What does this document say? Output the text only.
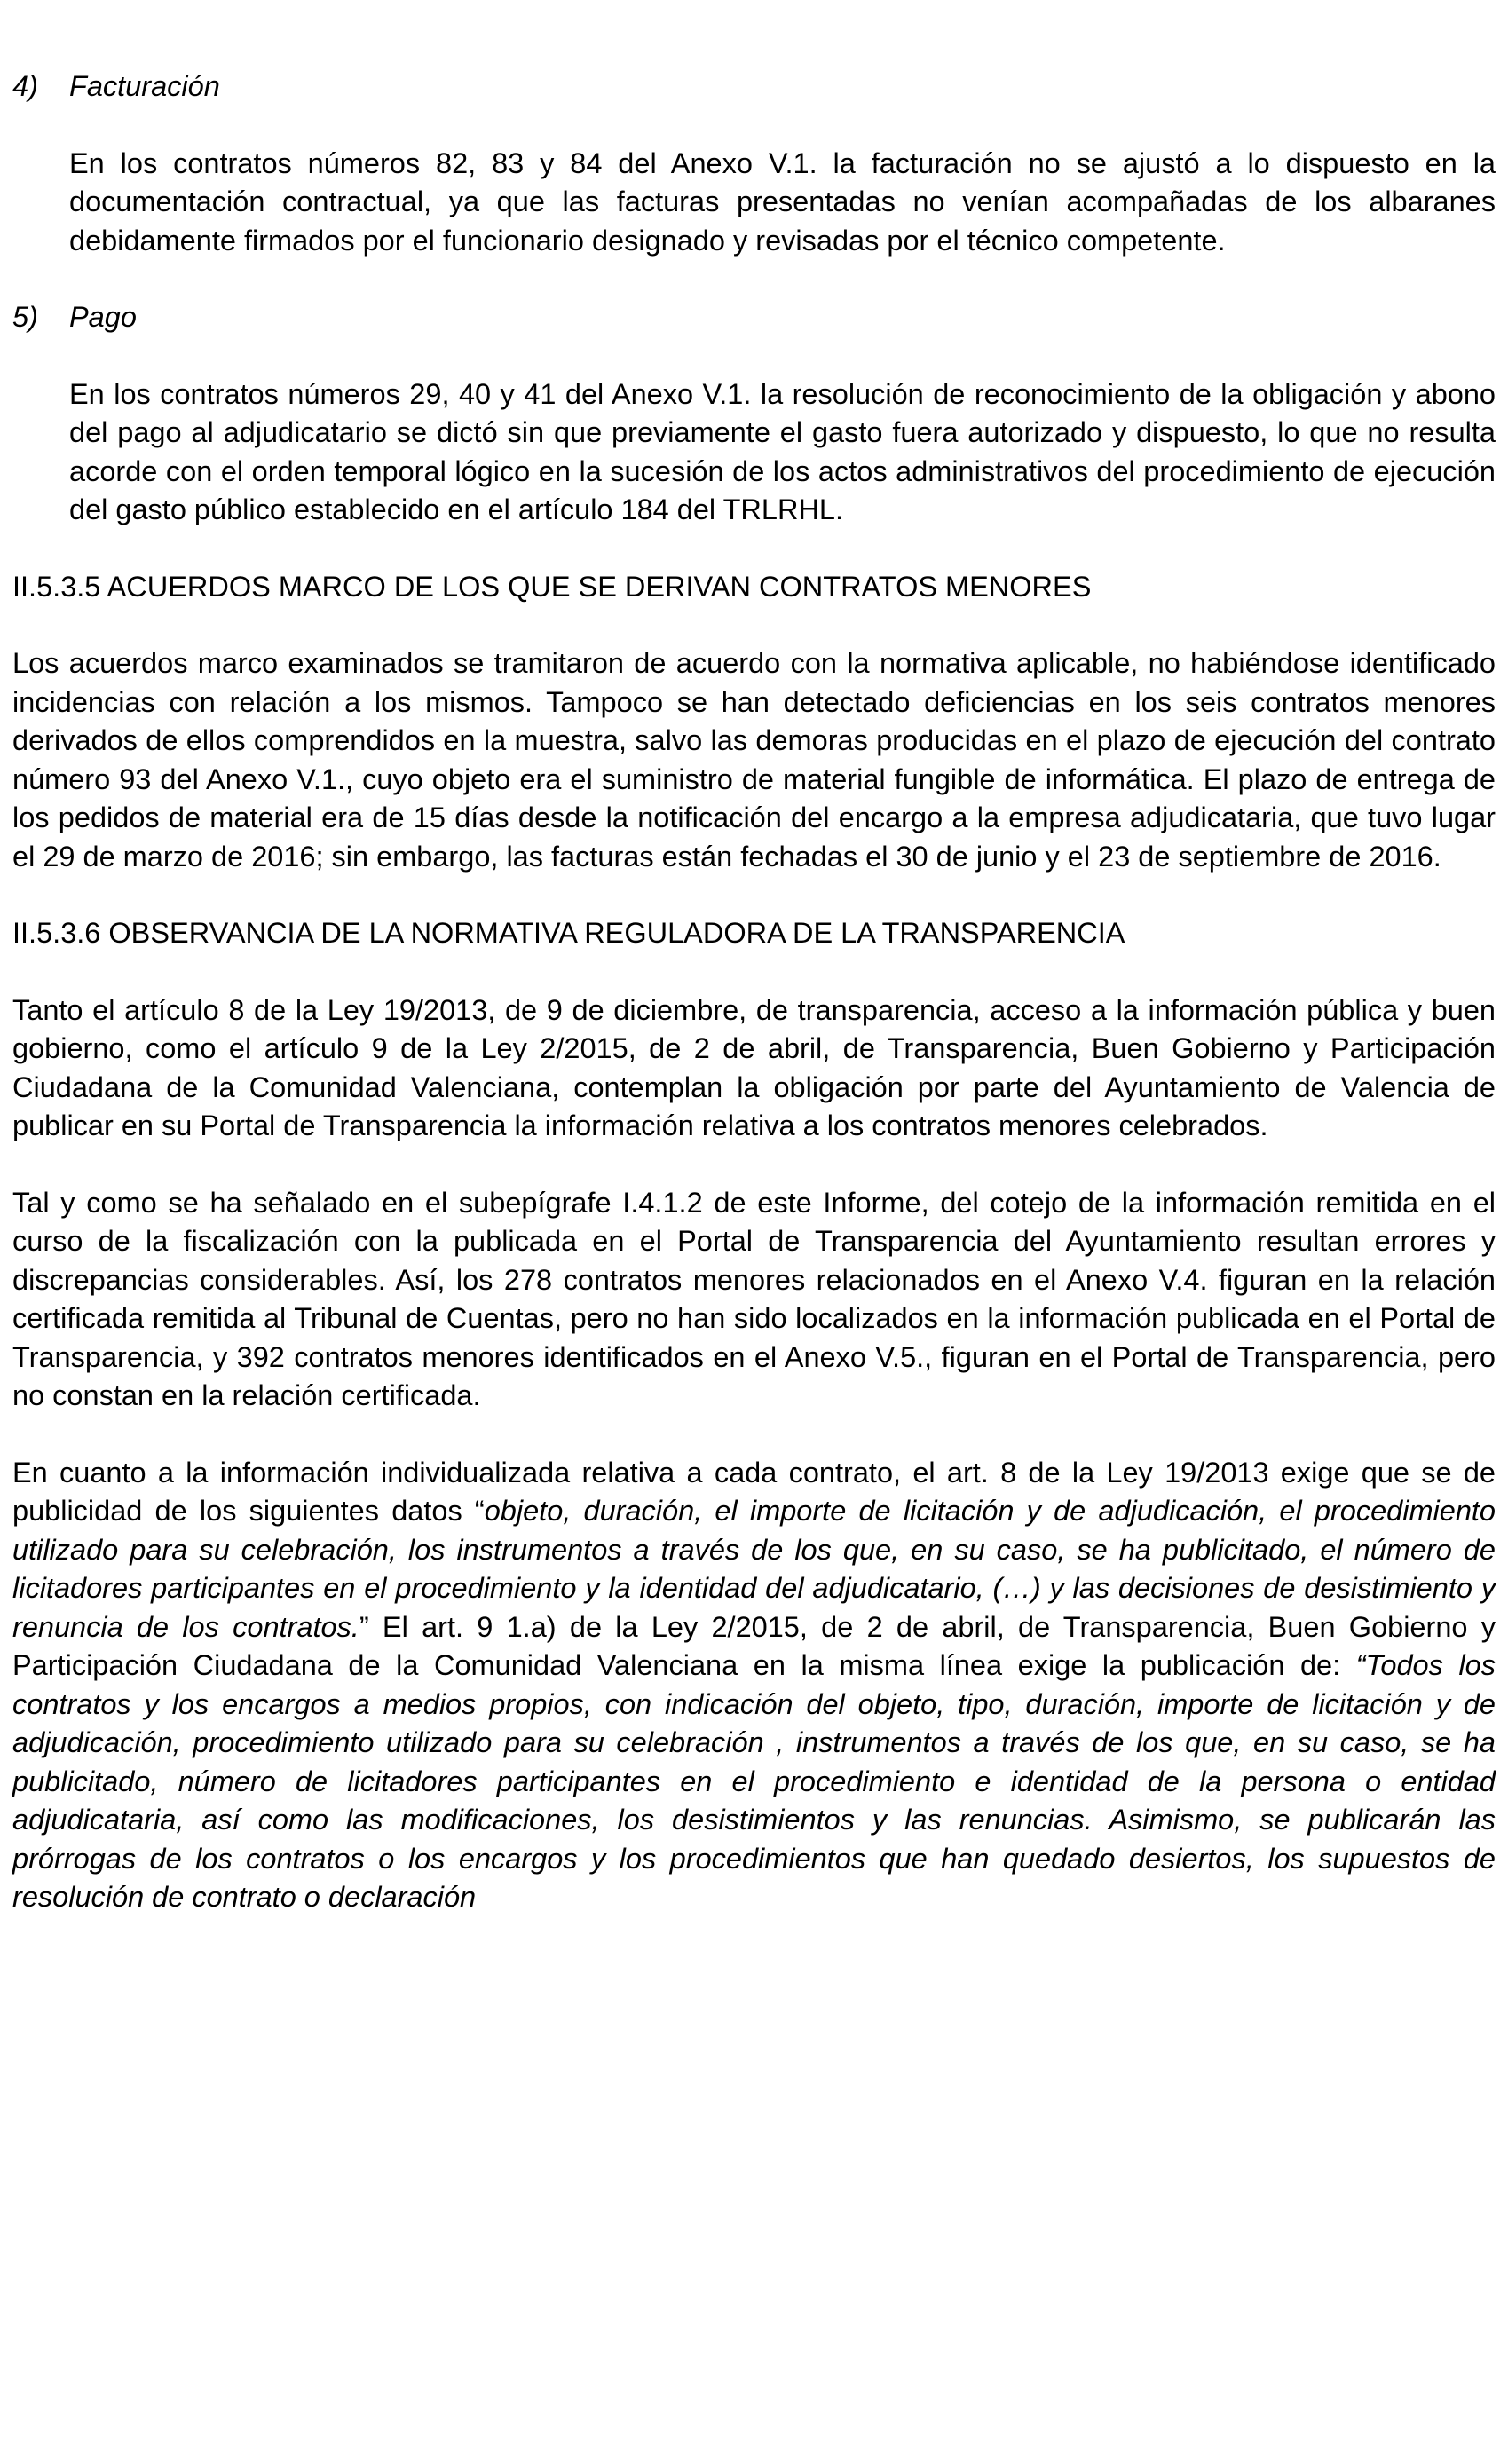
4)	Facturación

En los contratos números 82, 83 y 84 del Anexo V.1. la facturación no se ajustó a lo dispuesto en la documentación contractual, ya que las facturas presentadas no venían acompañadas de los albaranes debidamente firmados por el funcionario designado y revisadas por el técnico competente.

5)	Pago

En los contratos números 29, 40 y 41 del Anexo V.1. la resolución de reconocimiento de la obligación y abono del pago al adjudicatario se dictó sin que previamente el gasto fuera autorizado y dispuesto, lo que no resulta acorde con el orden temporal lógico en la sucesión de los actos administrativos del procedimiento de ejecución del gasto público establecido en el artículo 184 del TRLRHL.

II.5.3.5 ACUERDOS MARCO DE LOS QUE SE DERIVAN CONTRATOS MENORES

Los acuerdos marco examinados se tramitaron de acuerdo con la normativa aplicable, no habiéndose identificado incidencias con relación a los mismos. Tampoco se han detectado deficiencias en los seis contratos menores derivados de ellos comprendidos en la muestra, salvo las demoras producidas en el plazo de ejecución del contrato número 93 del Anexo V.1., cuyo objeto era el suministro de material fungible de informática. El plazo de entrega de los pedidos de material era de 15 días desde la notificación del encargo a la empresa adjudicataria, que tuvo lugar el 29 de marzo de 2016; sin embargo, las facturas están fechadas el 30 de junio y el 23 de septiembre de 2016.

II.5.3.6 OBSERVANCIA DE LA NORMATIVA REGULADORA DE LA TRANSPARENCIA

Tanto el artículo 8 de la Ley 19/2013, de 9 de diciembre, de transparencia, acceso a la información pública y buen gobierno, como el artículo 9 de la Ley 2/2015, de 2 de abril, de Transparencia, Buen Gobierno y Participación Ciudadana de la Comunidad Valenciana, contemplan la obligación por parte del Ayuntamiento de Valencia de publicar en su Portal de Transparencia la información relativa a los contratos menores celebrados.

Tal y como se ha señalado en el subepígrafe I.4.1.2 de este Informe, del cotejo de la información remitida en el curso de la fiscalización con la publicada en el Portal de Transparencia del Ayuntamiento resultan errores y discrepancias considerables. Así, los 278 contratos menores relacionados en el Anexo V.4. figuran en la relación certificada remitida al Tribunal de Cuentas, pero no han sido localizados en la información publicada en el Portal de Transparencia, y 392 contratos menores identificados en el Anexo V.5., figuran en el Portal de Transparencia, pero no constan en la relación certificada.

En cuanto a la información individualizada relativa a cada contrato, el art. 8 de la Ley 19/2013 exige que se de publicidad de los siguientes datos “objeto, duración, el importe de licitación y de adjudicación, el procedimiento utilizado para su celebración, los instrumentos a través de los que, en su caso, se ha publicitado, el número de licitadores participantes en el procedimiento y la identidad del adjudicatario, (…) y las decisiones de desistimiento y renuncia de los contratos.” El art. 9 1.a) de la Ley 2/2015, de 2 de abril, de Transparencia, Buen Gobierno y Participación Ciudadana de la Comunidad Valenciana en la misma línea exige la publicación de: “Todos los contratos y los encargos a medios propios, con indicación del objeto, tipo, duración, importe de licitación y de adjudicación, procedimiento utilizado para su celebración , instrumentos a través de los que, en su caso, se ha publicitado, número de licitadores participantes en el procedimiento e identidad de la persona o entidad adjudicataria, así como las modificaciones, los desistimientos y las renuncias. Asimismo, se publicarán las prórrogas de los contratos o los encargos y los procedimientos que han quedado desiertos, los supuestos de resolución de contrato o declaración
